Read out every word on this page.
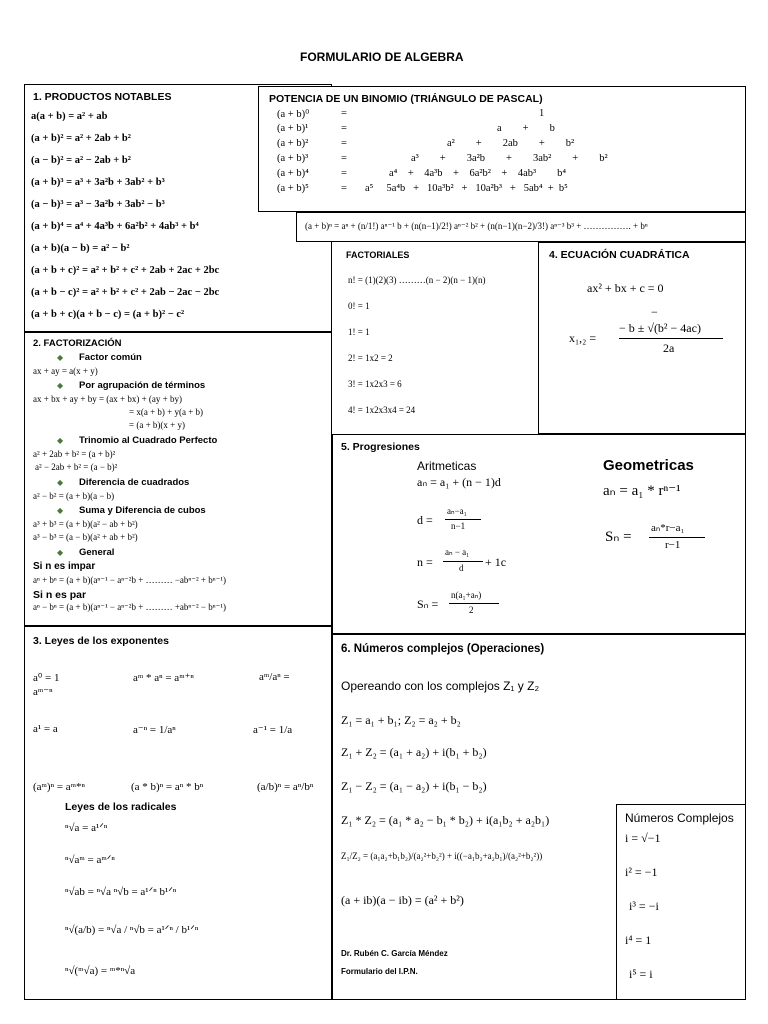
FORMULARIO DE ALGEBRA
1. PRODUCTOS NOTABLES
a(a + b) = a² + ab
(a + b)² = a² + 2ab + b²
(a − b)² = a² − 2ab + b²
(a + b)³ = a³ + 3a²b + 3ab² + b³
(a − b)³ = a³ − 3a²b + 3ab² − b³
(a + b)⁴ = a⁴ + 4a³b + 6a²b² + 4ab³ + b⁴
(a + b)(a − b) = a² − b²
(a + b + c)² = a² + b² + c² + 2ab + 2ac + 2bc
(a + b − c)² = a² + b² + c² + 2ab − 2ac − 2bc
(a + b + c)(a + b − c) = (a + b)² − c²
POTENCIA DE UN BINOMIO (TRIÁNGULO DE PASCAL)
(a + b)⁰	=	1
(a + b)¹	=	a        +        b
(a + b)²	=	a²        +        2ab        +        b²
(a + b)³	=	a³        +        3a²b        +        3ab²        +        b²
(a + b)⁴	=	a⁴    +    4a³b    +    6a²b²    +    4ab³        b⁴
(a + b)⁵	= a⁵     5a⁴b   +   10a³b²   +   10a²b³   +   5ab⁴  +  b⁵
(a + b)ⁿ = aⁿ + (n/1!) aⁿ⁻¹ b + (n(n−1)/2!) aⁿ⁻² b² + (n(n−1)(n−2)/3!) aⁿ⁻³ b³ + ……………. + bⁿ
FACTORIALES
n! = (1)(2)(3) ………(n − 2)(n − 1)(n)
0! = 1
1! = 1
2! = 1x2 = 2
3! = 1x2x3 = 6
4! = 1x2x3x4 = 24
4. ECUACIÓN CUADRÁTICA
ax² + bx + c = 0
−
x₁,₂ =
− b ± √(b² − 4ac)
2a
2. FACTORIZACIÓN
◆ Factor común
ax + ay = a(x + y)
◆ Por agrupación de términos
ax + bx + ay + by = (ax + bx) + (ay + by)
= x(a + b) + y(a + b)
= (a + b)(x + y)
◆ Trinomio al Cuadrado Perfecto
a² + 2ab + b² = (a + b)²
a² − 2ab + b² = (a − b)²
◆ Diferencia de cuadrados
a² − b² = (a + b)(a − b)
◆ Suma y Diferencia de cubos
a³ + b³ = (a + b)(a² − ab + b²)
a³ − b³ = (a − b)(a² + ab + b²)
◆ General
Si n es impar
aⁿ + bⁿ = (a + b)(aⁿ⁻¹ − aⁿ⁻²b + ……… −abⁿ⁻² + bⁿ⁻¹)
Si n es par
aⁿ − bⁿ = (a + b)(aⁿ⁻¹ − aⁿ⁻²b + ……… +abⁿ⁻² − bⁿ⁻¹)
5. Progresiones
Aritmeticas
aₙ = a₁ + (n − 1)d
d =
aₙ−a₁
n−1
n =
aₙ − a₁
d + 1c
Sₙ =
n(a₁+aₙ)
2
Geometricas
aₙ = a₁ * rⁿ⁻¹
Sₙ =
aₙ*r−a₁
r−1
3. Leyes de los exponentes
a⁰ = 1	aᵐ * aⁿ = aᵐ⁺ⁿ	aᵐ/aⁿ =
aᵐ⁻ⁿ
a¹ = a	a⁻ⁿ = 1/aⁿ	a⁻¹ = 1/a
(aᵐ)ⁿ = aᵐ*ⁿ	(a * b)ⁿ = aⁿ * bⁿ	(a/b)ⁿ = aⁿ/bⁿ
Leyes de los radicales
ⁿ√a = a¹ᐟⁿ
ⁿ√aᵐ = aᵐᐟⁿ
ⁿ√ab = ⁿ√a ⁿ√b = a¹ᐟⁿ b¹ᐟⁿ
ⁿ√(a/b) = ⁿ√a / ⁿ√b = a¹ᐟⁿ / b¹ᐟⁿ
ⁿ√(ᵐ√a) = ᵐ*ⁿ√a
6. Números complejos (Operaciones)
Opereando con los complejos Z₁ y Z₂
Z₁ = a₁ + b₁; Z₂ = a₂ + b₂
Z₁ + Z₂ = (a₁ + a₂) + i(b₁ + b₂)
Z₁ − Z₂ = (a₁ − a₂) + i(b₁ − b₂)
Z₁ * Z₂ = (a₁ * a₂ − b₁ * b₂) + i(a₁b₂ + a₂b₁)
Z₁/Z₂ = (a₁a₂+b₁b₂)/(a₂²+b₂²) + i((−a₁b₂+a₂b₁)/(a₂²+b₂²))
(a + ib)(a − ib) = (a² + b²)
Dr. Rubén C. García Méndez
Formulario del I.P.N.
Números Complejos
i = √−1
i² = −1
i³ = −i
i⁴ = 1
i⁵ = i
